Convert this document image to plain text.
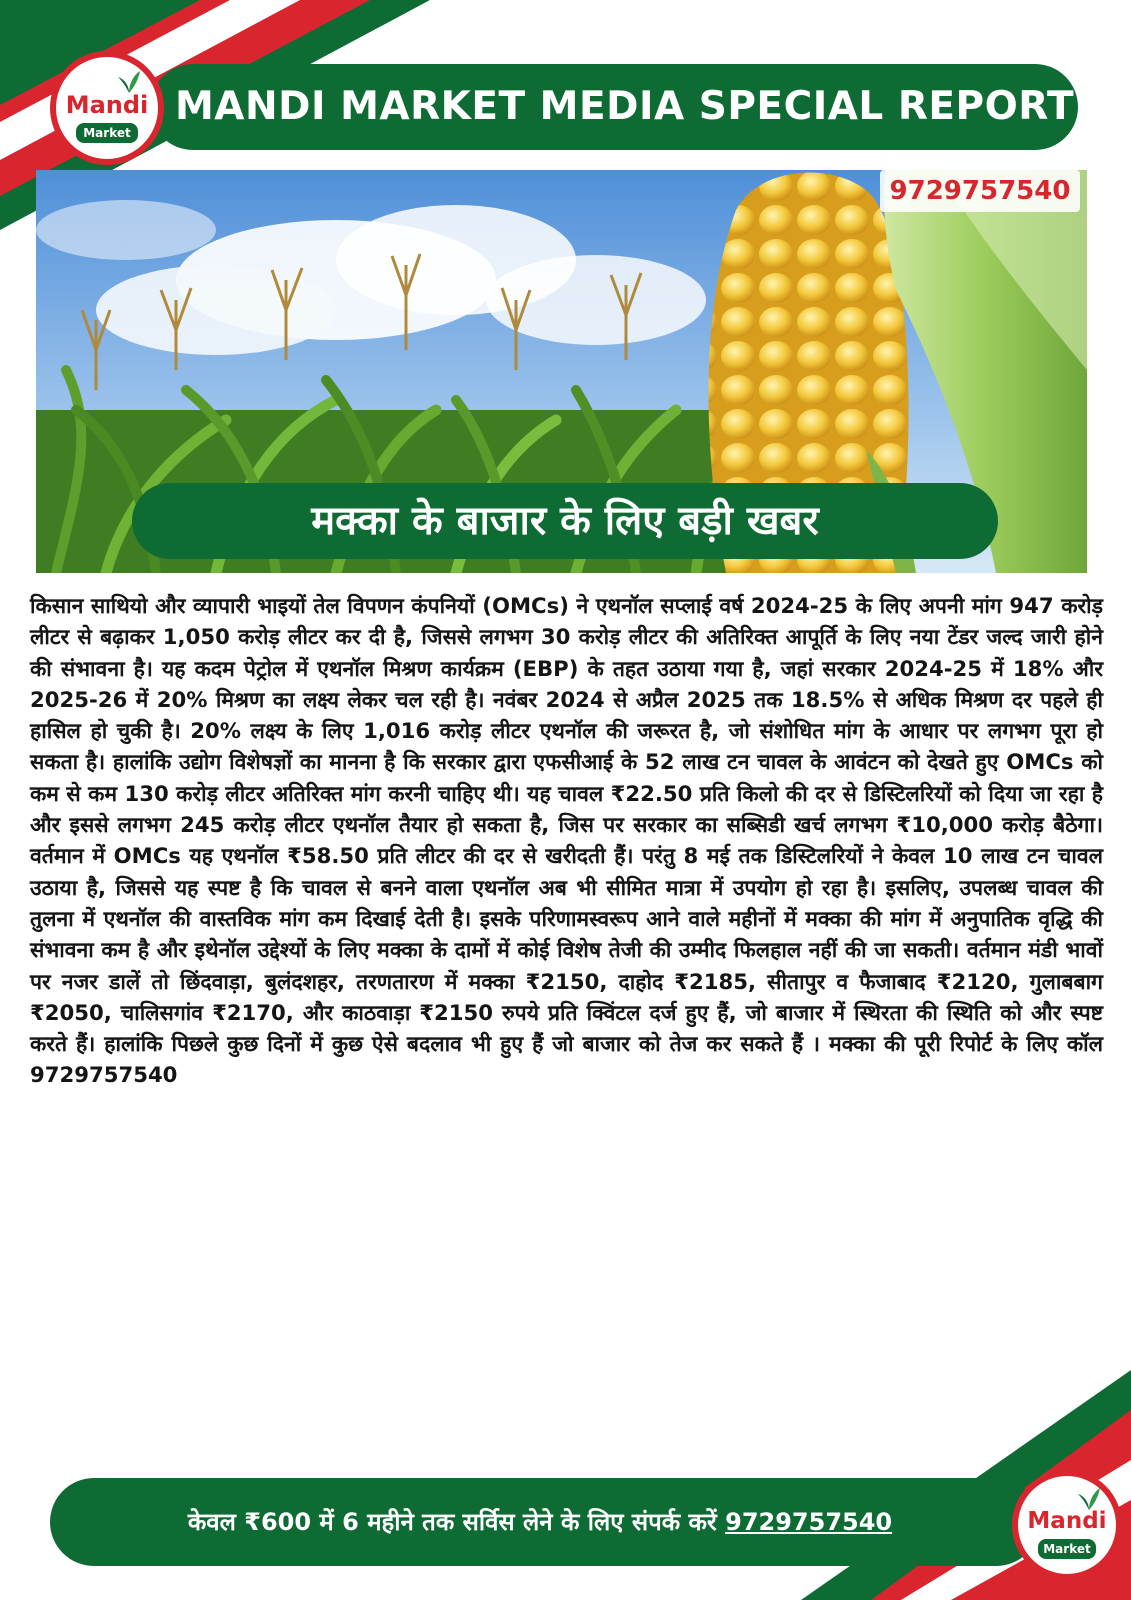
MANDI MARKET MEDIA SPECIAL REPORT
Mandi
Market
9729757540
मक्का के बाजार के लिए बड़ी खबर
किसान साथियो और व्यापारी भाइयों तेल विपणन कंपनियों (OMCs) ने एथनॉल सप्लाई वर्ष 2024-25 के लिए अपनी मांग 947 करोड़ लीटर से बढ़ाकर 1,050 करोड़ लीटर कर दी है, जिससे लगभग 30 करोड़ लीटर की अतिरिक्त आपूर्ति के लिए नया टेंडर जल्द जारी होने की संभावना है। यह कदम पेट्रोल में एथनॉल मिश्रण कार्यक्रम (EBP) के तहत उठाया गया है, जहां सरकार 2024-25 में 18% और 2025-26 में 20% मिश्रण का लक्ष्य लेकर चल रही है। नवंबर 2024 से अप्रैल 2025 तक 18.5% से अधिक मिश्रण दर पहले ही हासिल हो चुकी है। 20% लक्ष्य के लिए 1,016 करोड़ लीटर एथनॉल की जरूरत है, जो संशोधित मांग के आधार पर लगभग पूरा हो सकता है। हालांकि उद्योग विशेषज्ञों का मानना है कि सरकार द्वारा एफसीआई के 52 लाख टन चावल के आवंटन को देखते हुए OMCs को कम से कम 130 करोड़ लीटर अतिरिक्त मांग करनी चाहिए थी। यह चावल ₹22.50 प्रति किलो की दर से डिस्टिलरियों को दिया जा रहा है और इससे लगभग 245 करोड़ लीटर एथनॉल तैयार हो सकता है, जिस पर सरकार का सब्सिडी खर्च लगभग ₹10,000 करोड़ बैठेगा। वर्तमान में OMCs यह एथनॉल ₹58.50 प्रति लीटर की दर से खरीदती हैं। परंतु 8 मई तक डिस्टिलरियों ने केवल 10 लाख टन चावल उठाया है, जिससे यह स्पष्ट है कि चावल से बनने वाला एथनॉल अब भी सीमित मात्रा में उपयोग हो रहा है। इसलिए, उपलब्ध चावल की तुलना में एथनॉल की वास्तविक मांग कम दिखाई देती है। इसके परिणामस्वरूप आने वाले महीनों में मक्का की मांग में अनुपातिक वृद्धि की संभावना कम है और इथेनॉल उद्देश्यों के लिए मक्का के दामों में कोई विशेष तेजी की उम्मीद फिलहाल नहीं की जा सकती। वर्तमान मंडी भावों पर नजर डालें तो छिंदवाड़ा, बुलंदशहर, तरणतारण में मक्का ₹2150, दाहोद ₹2185, सीतापुर व फैजाबाद ₹2120, गुलाबबाग ₹2050, चालिसगांव ₹2170, और काठवाड़ा ₹2150 रुपये प्रति क्विंटल दर्ज हुए हैं, जो बाजार में स्थिरता की स्थिति को और स्पष्ट करते हैं। हालांकि पिछले कुछ दिनों में कुछ ऐसे बदलाव भी हुए हैं जो बाजार को तेज कर सकते हैं । मक्का की पूरी रिपोर्ट के लिए कॉल 9729757540
केवल ₹600 में 6 महीने तक सर्विस लेने के लिए संपर्क करें 9729757540	Mandi
Market
